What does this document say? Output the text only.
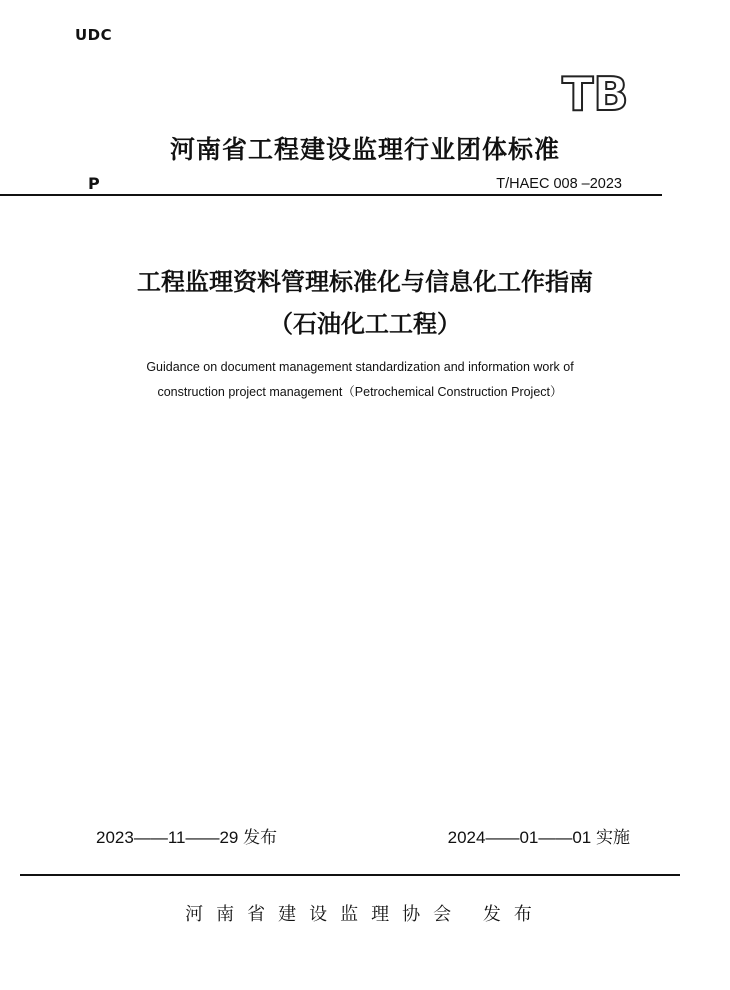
UDC
TB
河南省工程建设监理行业团体标准
P	T/HAEC 008 –2023
工程监理资料管理标准化与信息化工作指南
（石油化工工程）
Guidance on document management standardization and information work of
construction project management（Petrochemical Construction Project）
2023——11——29 发布	2024——01——01 实施
河南省建设监理协会 发布
